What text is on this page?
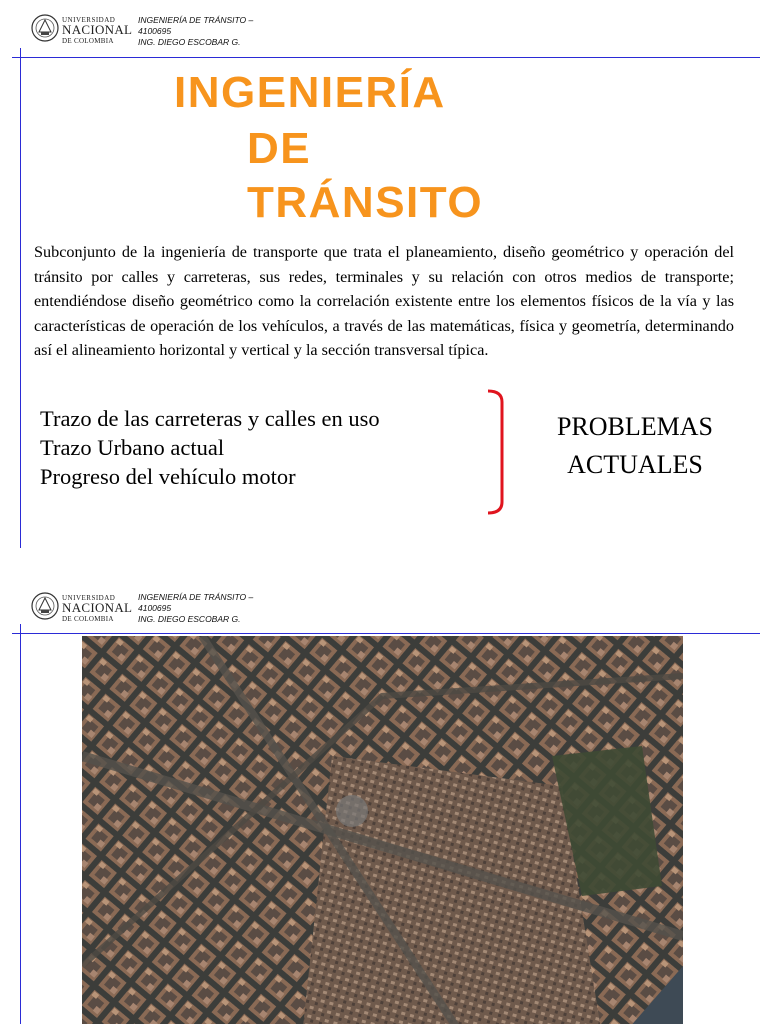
UNIVERSIDAD
NACIONAL
DE COLOMBIA
INGENIERÍA DE TRÁNSITO –
4100695
ING. DIEGO ESCOBAR G.
INGENIERÍA
DE
TRÁNSITO
Subconjunto de la ingeniería de transporte que trata el planeamiento, diseño geométrico y operación del tránsito por calles y carreteras, sus redes, terminales y su relación con otros medios de transporte; entendiéndose diseño geométrico como la correlación existente entre los elementos físicos de la vía y las características de operación de los vehículos, a través de las matemáticas, física y geometría, determinando así el alineamiento horizontal y vertical y la sección transversal típica.
Trazo de las carreteras y calles en uso
Trazo Urbano actual
Progreso del vehículo motor
PROBLEMAS
ACTUALES
UNIVERSIDAD
NACIONAL
DE COLOMBIA
INGENIERÍA DE TRÁNSITO –
4100695
ING. DIEGO ESCOBAR G.
